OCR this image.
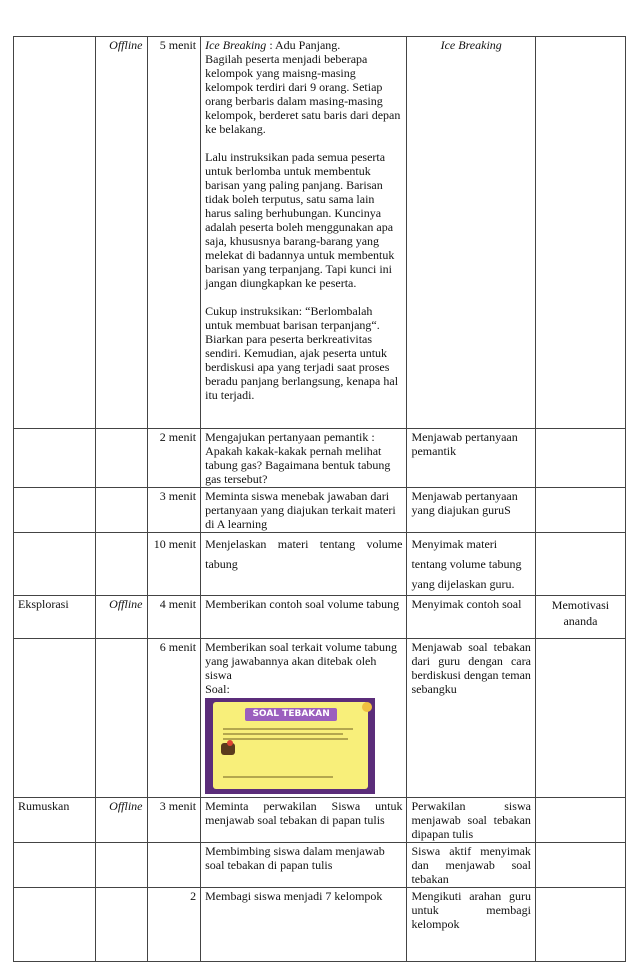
	Offline	5 menit	Ice Breaking : Adu Panjang.
Bagilah peserta menjadi beberapa kelompok yang maisng-masing kelompok terdiri dari 9 orang. Setiap orang berbaris dalam masing-masing kelompok, berderet satu baris dari depan ke belakang.
Lalu instruksikan pada semua peserta untuk berlomba untuk membentuk barisan yang paling panjang. Barisan tidak boleh terputus, satu sama lain harus saling berhubungan. Kuncinya adalah peserta boleh menggunakan apa saja, khususnya barang-barang yang melekat di badannya untuk membentuk barisan yang terpanjang. Tapi kunci ini jangan diungkapkan ke peserta.
Cukup instruksikan: “Berlombalah untuk membuat barisan terpanjang“. Biarkan para peserta berkreativitas sendiri. Kemudian, ajak peserta untuk berdiskusi apa yang terjadi saat proses beradu panjang berlangsung, kenapa hal itu terjadi.	Ice Breaking	
		2 menit	Mengajukan pertanyaan pemantik : Apakah kakak-kakak pernah melihat tabung gas? Bagaimana bentuk tabung gas tersebut?	Menjawab pertanyaan pemantik	
		3 menit	Meminta siswa menebak jawaban dari pertanyaan yang diajukan terkait materi di A learning	Menjawab pertanyaan yang diajukan guruS	
		10 menit	Menjelaskan materi tentang volume tabung	Menyimak materi tentang volume tabung yang dijelaskan guru.	
Eksplorasi	Offline	4 menit	Memberikan contoh soal volume tabung	Menyimak contoh soal	Memotivasi ananda
		6 menit	Memberikan soal terkait volume tabung yang jawabannya akan ditebak oleh siswa
Soal:
SOAL TEBAKAN	Menjawab soal tebakan dari guru dengan cara berdiskusi dengan teman sebangku	
Rumuskan	Offline	3 menit	Meminta perwakilan Siswa untuk menjawab soal tebakan di papan tulis	Perwakilan siswa menjawab soal tebakan dipapan tulis	
			Membimbing siswa dalam menjawab soal tebakan di papan tulis	Siswa aktif menyimak dan menjawab soal tebakan	
		2	Membagi siswa menjadi 7 kelompok	Mengikuti arahan guru untuk membagi kelompok	
